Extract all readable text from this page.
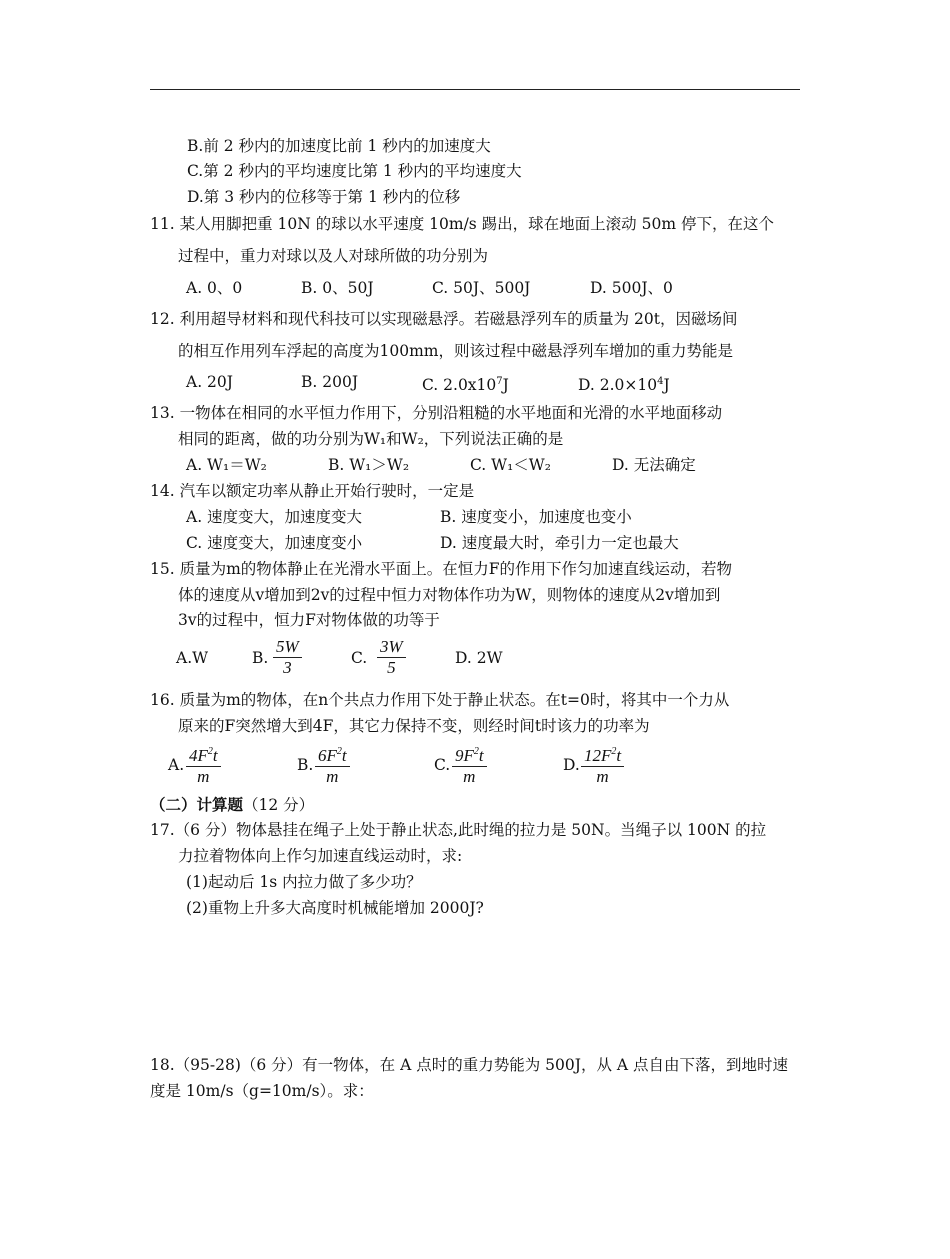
B.前 2 秒内的加速度比前 1 秒内的加速度大
C.第 2 秒内的平均速度比第 1 秒内的平均速度大
D.第 3 秒内的位移等于第 1 秒内的位移
11. 某人用脚把重 10N 的球以水平速度 10m/s 踢出，球在地面上滚动 50m 停下，在这个
过程中，重力对球以及人对球所做的功分别为
A. 0、0	B. 0、50J	C. 50J、500J	D. 500J、0
12. 利用超导材料和现代科技可以实现磁悬浮。若磁悬浮列车的质量为 20t，因磁场间
的相互作用列车浮起的高度为100mm，则该过程中磁悬浮列车增加的重力势能是
A. 20J	B. 200J	C. $2.0x10^7J$	D. $2.0\times 10^4J$
13. 一物体在相同的水平恒力作用下，分别沿粗糙的水平地面和光滑的水平地面移动
相同的距离，做的功分别为W₁和W₂，下列说法正确的是
A. W₁＝W₂	B. W₁＞W₂	C. W₁＜W₂	D. 无法确定
14. 汽车以额定功率从静止开始行驶时，一定是
A. 速度变大，加速度变大	B. 速度变小，加速度也变小
C. 速度变大，加速度变小	D. 速度最大时，牵引力一定也最大
15. 质量为m的物体静止在光滑水平面上。在恒力F的作用下作匀加速直线运动，若物
体的速度从v增加到2v的过程中恒力对物体作功为W，则物体的速度从2v增加到
3v的过程中，恒力F对物体做的功等于
A.W	B. $\frac{5W}{3}$	C. $\frac{3W}{5}$	D. 2W
16. 质量为m的物体，在n个共点力作用下处于静止状态。在t=0时，将其中一个力从
原来的F突然增大到4F，其它力保持不变，则经时间t时该力的功率为
A. $\frac{4F^2t}{m}$	B. $\frac{6F^2t}{m}$	C. $\frac{9F^2t}{m}$	D. $\frac{12F^2t}{m}$
（二）计算题（12 分）
17.（6 分）物体悬挂在绳子上处于静止状态,此时绳的拉力是 50N。当绳子以 100N 的拉
力拉着物体向上作匀加速直线运动时，求:
(1)起动后 1s 内拉力做了多少功？
(2)重物上升多大高度时机械能增加 2000J?
18.（95-28)（6 分）有一物体，在 A 点时的重力势能为 500J，从 A 点自由下落，到地时速
度是 10m/s（g=10m/s）。求：
